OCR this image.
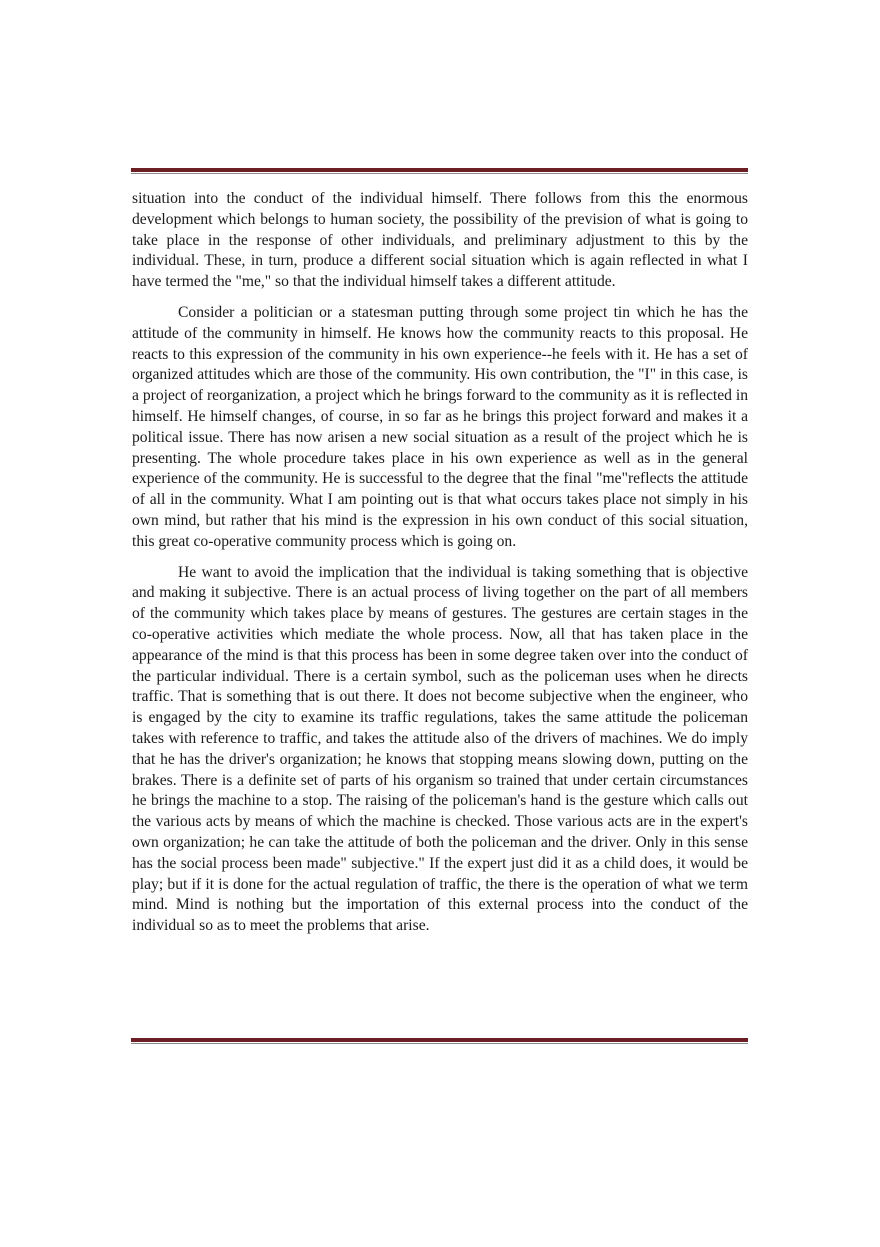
situation into the conduct of the individual himself. There follows from this the enormous development which belongs to human society, the possibility of the prevision of what is going to take place in the response of other individuals, and preliminary adjustment to this by the individual. These, in turn, produce a different social situation which is again reflected in what I have termed the "me," so that the individual himself takes a different attitude.

Consider a politician or a statesman putting through some project tin which he has the attitude of the community in himself. He knows how the community reacts to this proposal. He reacts to this expression of the community in his own experience--he feels with it. He has a set of organized attitudes which are those of the community. His own contribution, the "I" in this case, is a project of reorganization, a project which he brings forward to the community as it is reflected in himself. He himself changes, of course, in so far as he brings this project forward and makes it a political issue. There has now arisen a new social situation as a result of the project which he is presenting. The whole procedure takes place in his own experience as well as in the general experience of the community. He is successful to the degree that the final "me"reflects the attitude of all in the community. What I am pointing out is that what occurs takes place not simply in his own mind, but rather that his mind is the expression in his own conduct of this social situation, this great co-operative community process which is going on.

He want to avoid the implication that the individual is taking something that is objective and making it subjective. There is an actual process of living together on the part of all members of the community which takes place by means of gestures. The gestures are certain stages in the co-operative activities which mediate the whole process. Now, all that has taken place in the appearance of the mind is that this process has been in some degree taken over into the conduct of the particular individual. There is a certain symbol, such as the policeman uses when he directs traffic. That is something that is out there. It does not become subjective when the engineer, who is engaged by the city to examine its traffic regulations, takes the same attitude the policeman takes with reference to traffic, and takes the attitude also of the drivers of machines. We do imply that he has the driver's organization; he knows that stopping means slowing down, putting on the brakes. There is a definite set of parts of his organism so trained that under certain circumstances he brings the machine to a stop. The raising of the policeman's hand is the gesture which calls out the various acts by means of which the machine is checked. Those various acts are in the expert's own organization; he can take the attitude of both the policeman and the driver. Only in this sense has the social process been made" subjective." If the expert just did it as a child does, it would be play; but if it is done for the actual regulation of traffic, the there is the operation of what we term mind. Mind is nothing but the importation of this external process into the conduct of the individual so as to meet the problems that arise.
